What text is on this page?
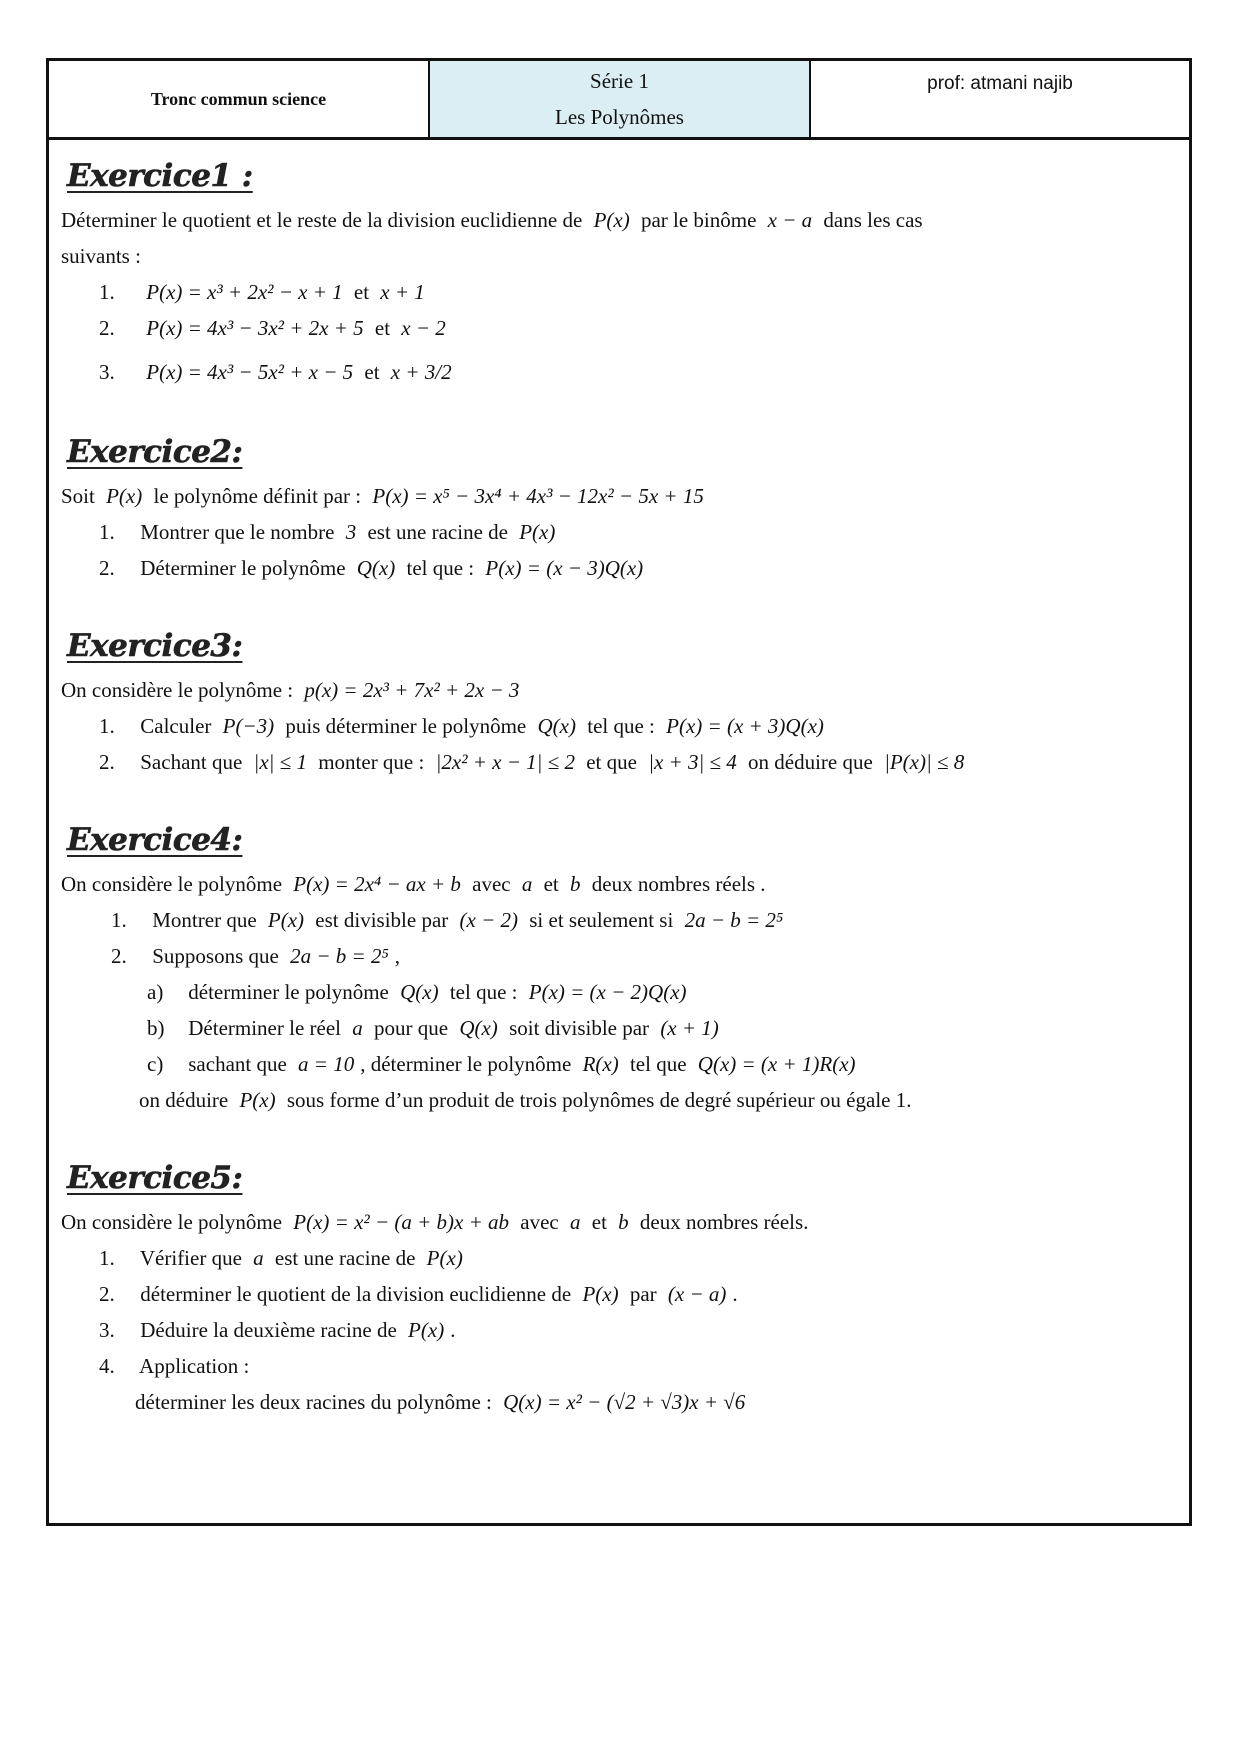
Tronc commun science
Série 1
Les Polynômes
prof: atmani najib
Exercice1 :
Déterminer le quotient et le reste de la division euclidienne de P(x) par le binôme x − a dans les cas
suivants :
1. P(x) = x³ + 2x² − x + 1 et x + 1
2. P(x) = 4x³ − 3x² + 2x + 5 et x − 2
3. P(x) = 4x³ − 5x² + x − 5 et x + 3/2
Exercice2:
Soit P(x) le polynôme définit par : P(x) = x⁵ − 3x⁴ + 4x³ − 12x² − 5x + 15
1. Montrer que le nombre 3 est une racine de P(x)
2. Déterminer le polynôme Q(x) tel que : P(x) = (x − 3)Q(x)
Exercice3:
On considère le polynôme : p(x) = 2x³ + 7x² + 2x − 3
1. Calculer P(−3) puis déterminer le polynôme Q(x) tel que : P(x) = (x + 3)Q(x)
2. Sachant que |x| ≤ 1 monter que : |2x² + x − 1| ≤ 2 et que |x + 3| ≤ 4 on déduire que |P(x)| ≤ 8
Exercice4:
On considère le polynôme P(x) = 2x⁴ − ax + b avec a et b deux nombres réels .
1. Montrer que P(x) est divisible par (x − 2) si et seulement si 2a − b = 2⁵
2. Supposons que 2a − b = 2⁵ ,
a) déterminer le polynôme Q(x) tel que : P(x) = (x − 2)Q(x)
b) Déterminer le réel a pour que Q(x) soit divisible par (x + 1)
c) sachant que a = 10 , déterminer le polynôme R(x) tel que Q(x) = (x + 1)R(x)
on déduire P(x) sous forme d’un produit de trois polynômes de degré supérieur ou égale 1.
Exercice5:
On considère le polynôme P(x) = x² − (a + b)x + ab avec a et b deux nombres réels.
1. Vérifier que a est une racine de P(x)
2. déterminer le quotient de la division euclidienne de P(x) par (x − a) .
3. Déduire la deuxième racine de P(x) .
4. Application :
déterminer les deux racines du polynôme : Q(x) = x² − (√2 + √3)x + √6
